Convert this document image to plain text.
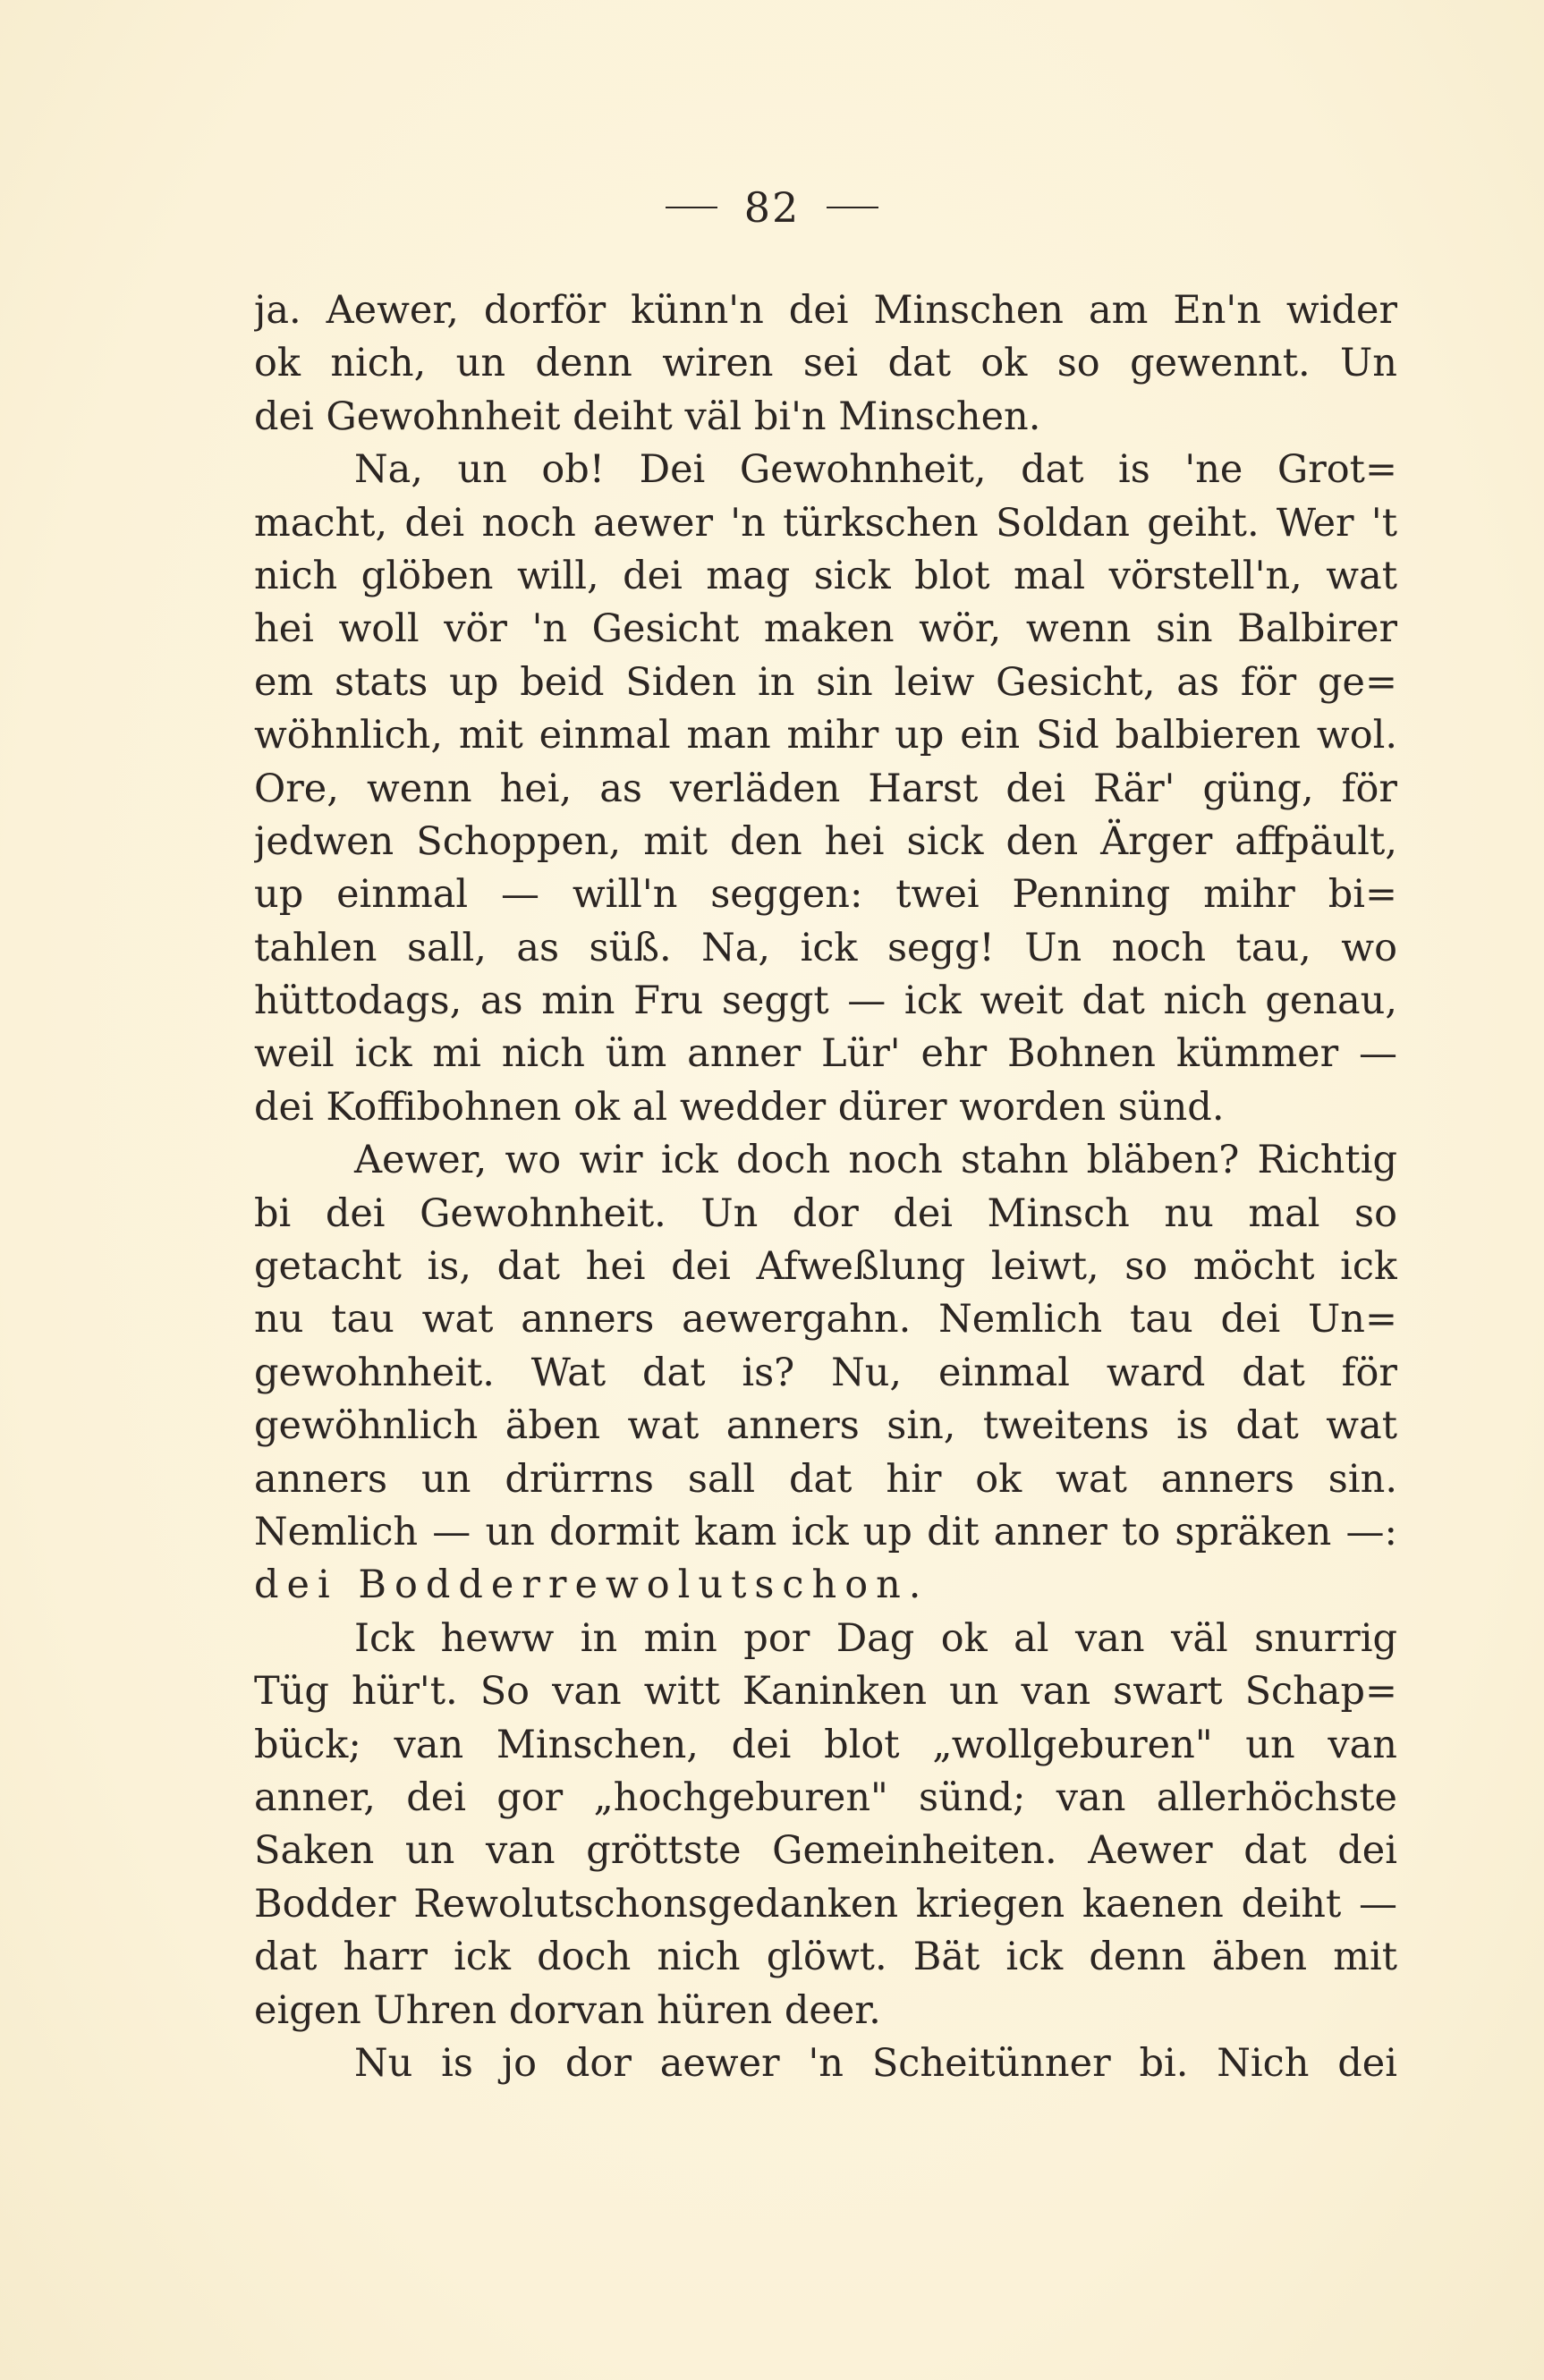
82
ja. Aewer, dorför künn'n dei Minschen am En'n wider
ok nich, un denn wiren sei dat ok so gewennt. Un
dei Gewohnheit deiht väl bi'n Minschen.
Na, un ob! Dei Gewohnheit, dat is 'ne Grot=
macht, dei noch aewer 'n türkschen Soldan geiht. Wer 't
nich glöben will, dei mag sick blot mal vörstell'n, wat
hei woll vör 'n Gesicht maken wör, wenn sin Balbirer
em stats up beid Siden in sin leiw Gesicht, as för ge=
wöhnlich, mit einmal man mihr up ein Sid balbieren wol.
Ore, wenn hei, as verläden Harst dei Rär' güng, för
jedwen Schoppen, mit den hei sick den Ärger affpäult,
up einmal — will'n seggen: twei Penning mihr bi=
tahlen sall, as süß. Na, ick segg! Un noch tau, wo
hüttodags, as min Fru seggt — ick weit dat nich genau,
weil ick mi nich üm anner Lür' ehr Bohnen kümmer —
dei Koffibohnen ok al wedder dürer worden sünd.
Aewer, wo wir ick doch noch stahn bläben? Richtig
bi dei Gewohnheit. Un dor dei Minsch nu mal so
getacht is, dat hei dei Afweßlung leiwt, so möcht ick
nu tau wat anners aewergahn. Nemlich tau dei Un=
gewohnheit. Wat dat is? Nu, einmal ward dat för
gewöhnlich äben wat anners sin, tweitens is dat wat
anners un drürrns sall dat hir ok wat anners sin.
Nemlich — un dormit kam ick up dit anner to spräken —:
dei Bodderrewolutschon.
Ick heww in min por Dag ok al van väl snurrig
Tüg hür't. So van witt Kaninken un van swart Schap=
bück; van Minschen, dei blot „wollgeburen" un van
anner, dei gor „hochgeburen" sünd; van allerhöchste
Saken un van gröttste Gemeinheiten. Aewer dat dei
Bodder Rewolutschonsgedanken kriegen kaenen deiht —
dat harr ick doch nich glöwt. Bät ick denn äben mit
eigen Uhren dorvan hüren deer.
Nu is jo dor aewer 'n Scheitünner bi. Nich dei
